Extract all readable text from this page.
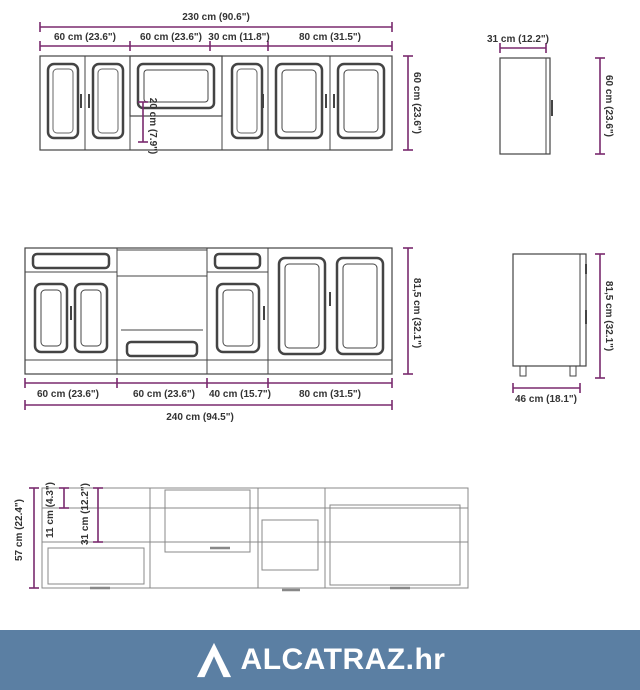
230 cm (90.6")
60 cm (23.6") 60 cm (23.6") 30 cm (11.8")	80 cm (31.5")
60 cm (23.6")
20 cm (7.9")
31 cm (12.2")
60 cm (23.6")
81,5 cm (32.1")
60 cm (23.6")	60 cm (23.6") 40 cm (15.7")	80 cm (31.5")
240 cm (94.5")
46 cm (18.1")
81,5 cm (32.1")
57 cm (22.4") 11 cm (4.3") 31 cm (12.2")
ALCATRAZ.hr
